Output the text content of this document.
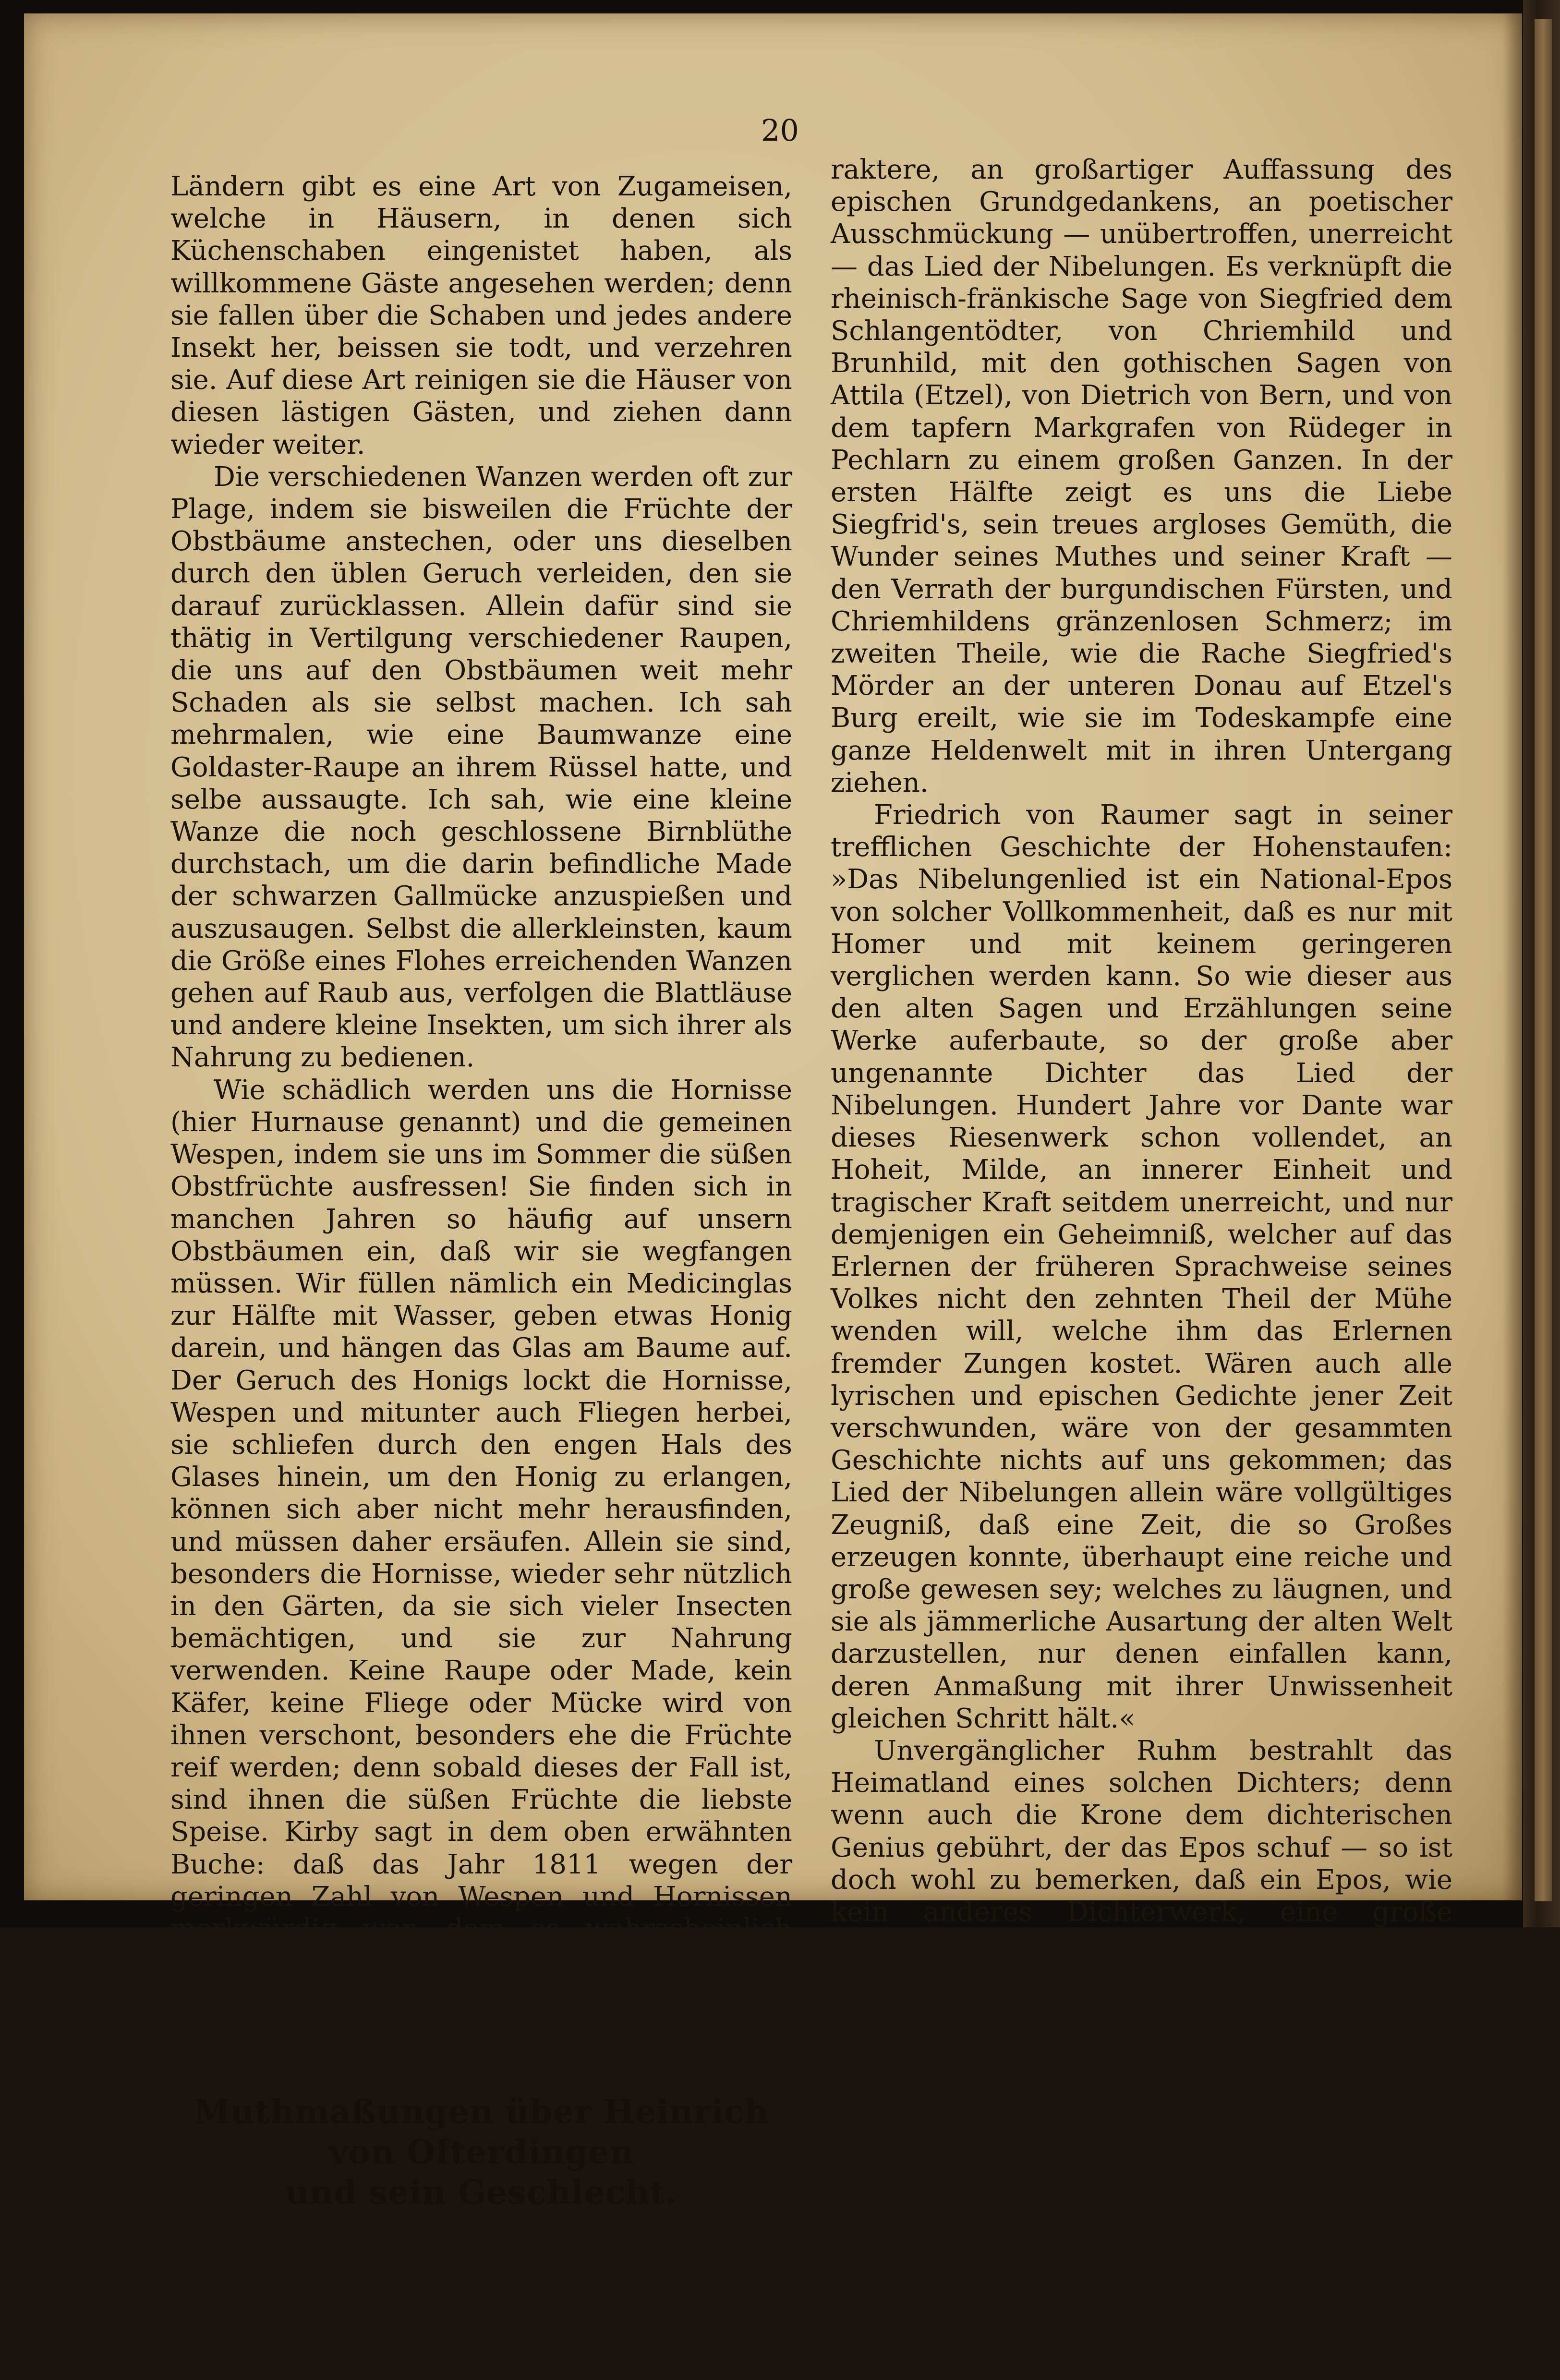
20

Ländern gibt es eine Art von Zugameisen, welche in Häusern, in denen sich Küchenschaben eingenistet haben, als willkommene Gäste angesehen werden; denn sie fallen über die Schaben und jedes andere Insekt her, beissen sie todt, und verzehren sie. Auf diese Art reinigen sie die Häuser von diesen lästigen Gästen, und ziehen dann wieder weiter.

Die verschiedenen Wanzen werden oft zur Plage, indem sie bisweilen die Früchte der Obstbäume anstechen, oder uns dieselben durch den üblen Geruch verleiden, den sie darauf zurücklassen. Allein dafür sind sie thätig in Vertilgung verschiedener Raupen, die uns auf den Obstbäumen weit mehr Schaden als sie selbst machen. Ich sah mehrmalen, wie eine Baumwanze eine Goldaster-Raupe an ihrem Rüssel hatte, und selbe aussaugte. Ich sah, wie eine kleine Wanze die noch geschlossene Birnblüthe durchstach, um die darin befindliche Made der schwarzen Gallmücke anzuspießen und auszusaugen. Selbst die allerkleinsten, kaum die Größe eines Flohes erreichenden Wanzen gehen auf Raub aus, verfolgen die Blattläuse und andere kleine Insekten, um sich ihrer als Nahrung zu bedienen.

Wie schädlich werden uns die Hornisse (hier Hurnause genannt) und die gemeinen Wespen, indem sie uns im Sommer die süßen Obstfrüchte ausfressen! Sie finden sich in manchen Jahren so häufig auf unsern Obstbäumen ein, daß wir sie wegfangen müssen. Wir füllen nämlich ein Medicinglas zur Hälfte mit Wasser, geben etwas Honig darein, und hängen das Glas am Baume auf. Der Geruch des Honigs lockt die Hornisse, Wespen und mitunter auch Fliegen herbei, sie schliefen durch den engen Hals des Glases hinein, um den Honig zu erlangen, können sich aber nicht mehr herausfinden, und müssen daher ersäufen. Allein sie sind, besonders die Hornisse, wieder sehr nützlich in den Gärten, da sie sich vieler Insecten bemächtigen, und sie zur Nahrung verwenden. Keine Raupe oder Made, kein Käfer, keine Fliege oder Mücke wird von ihnen verschont, besonders ehe die Früchte reif werden; denn sobald dieses der Fall ist, sind ihnen die süßen Früchte die liebste Speise. Kirby sagt in dem oben erwähnten Buche: daß das Jahr 1811 wegen der geringen Zahl von Wespen und Hornissen merkwürdig war, dem es wahrscheinlich zugeschrieben werden müsse, daß an vielen Orten die Mücken außerordentlich überhand nahmen, und sehr lästig wurden.

( Schluß folgt. )
Muthmaßungen über Heinrich von Ofterdingen
und sein Geschlecht.
( Fortsetzung. )

Unter den alten deutschen Heldenliedern steht eines da, an Vollendung der Form, an Handhabung der Cha-

raktere, an großartiger Auffassung des epischen Grundgedankens, an poetischer Ausschmückung — unübertroffen, unerreicht — das Lied der Nibelungen. Es verknüpft die rheinisch-fränkische Sage von Siegfried dem Schlangentödter, von Chriemhild und Brunhild, mit den gothischen Sagen von Attila (Etzel), von Dietrich von Bern, und von dem tapfern Markgrafen von Rüdeger in Pechlarn zu einem großen Ganzen. In der ersten Hälfte zeigt es uns die Liebe Siegfrid's, sein treues argloses Gemüth, die Wunder seines Muthes und seiner Kraft — den Verrath der burgundischen Fürsten, und Chriemhildens gränzenlosen Schmerz; im zweiten Theile, wie die Rache Siegfried's Mörder an der unteren Donau auf Etzel's Burg ereilt, wie sie im Todeskampfe eine ganze Heldenwelt mit in ihren Untergang ziehen.

Friedrich von Raumer sagt in seiner trefflichen Geschichte der Hohenstaufen: »Das Nibelungenlied ist ein National-Epos von solcher Vollkommenheit, daß es nur mit Homer und mit keinem geringeren verglichen werden kann. So wie dieser aus den alten Sagen und Erzählungen seine Werke auferbaute, so der große aber ungenannte Dichter das Lied der Nibelungen. Hundert Jahre vor Dante war dieses Riesenwerk schon vollendet, an Hoheit, Milde, an innerer Einheit und tragischer Kraft seitdem unerreicht, und nur demjenigen ein Geheimniß, welcher auf das Erlernen der früheren Sprachweise seines Volkes nicht den zehnten Theil der Mühe wenden will, welche ihm das Erlernen fremder Zungen kostet. Wären auch alle lyrischen und epischen Gedichte jener Zeit verschwunden, wäre von der gesammten Geschichte nichts auf uns gekommen; das Lied der Nibelungen allein wäre vollgültiges Zeugniß, daß eine Zeit, die so Großes erzeugen konnte, überhaupt eine reiche und große gewesen sey; welches zu läugnen, und sie als jämmerliche Ausartung der alten Welt darzustellen, nur denen einfallen kann, deren Anmaßung mit ihrer Unwissenheit gleichen Schritt hält.«

Unvergänglicher Ruhm bestrahlt das Heimatland eines solchen Dichters; denn wenn auch die Krone dem dichterischen Genius gebührt, der das Epos schuf — so ist doch wohl zu bemerken, daß ein Epos, wie kein anderes Dichterwerk, eine große bewegte Zeit, große Charaktere, schöne, edle Vorbilder als Bedingung voraussetzt, die das aufkeimende Genie mit der Muttermilch eingesogen haben muß.

Darum wurden auch seit dem Wiederauffinden des Nibelungenliedes der Ansprüche gar viele von verschiedenen deutschen Gegenden erhoben. — Johannes Müller, der große Geschichtschreiber der Schweiz, wollte es wegen Anklängen an den schweizerischen Dialect seinem Vaterlande vindiciren — die Schwaben, berauscht von altem und neuem Dichterruhm, rühmten Schwaben als das Vaterland des
